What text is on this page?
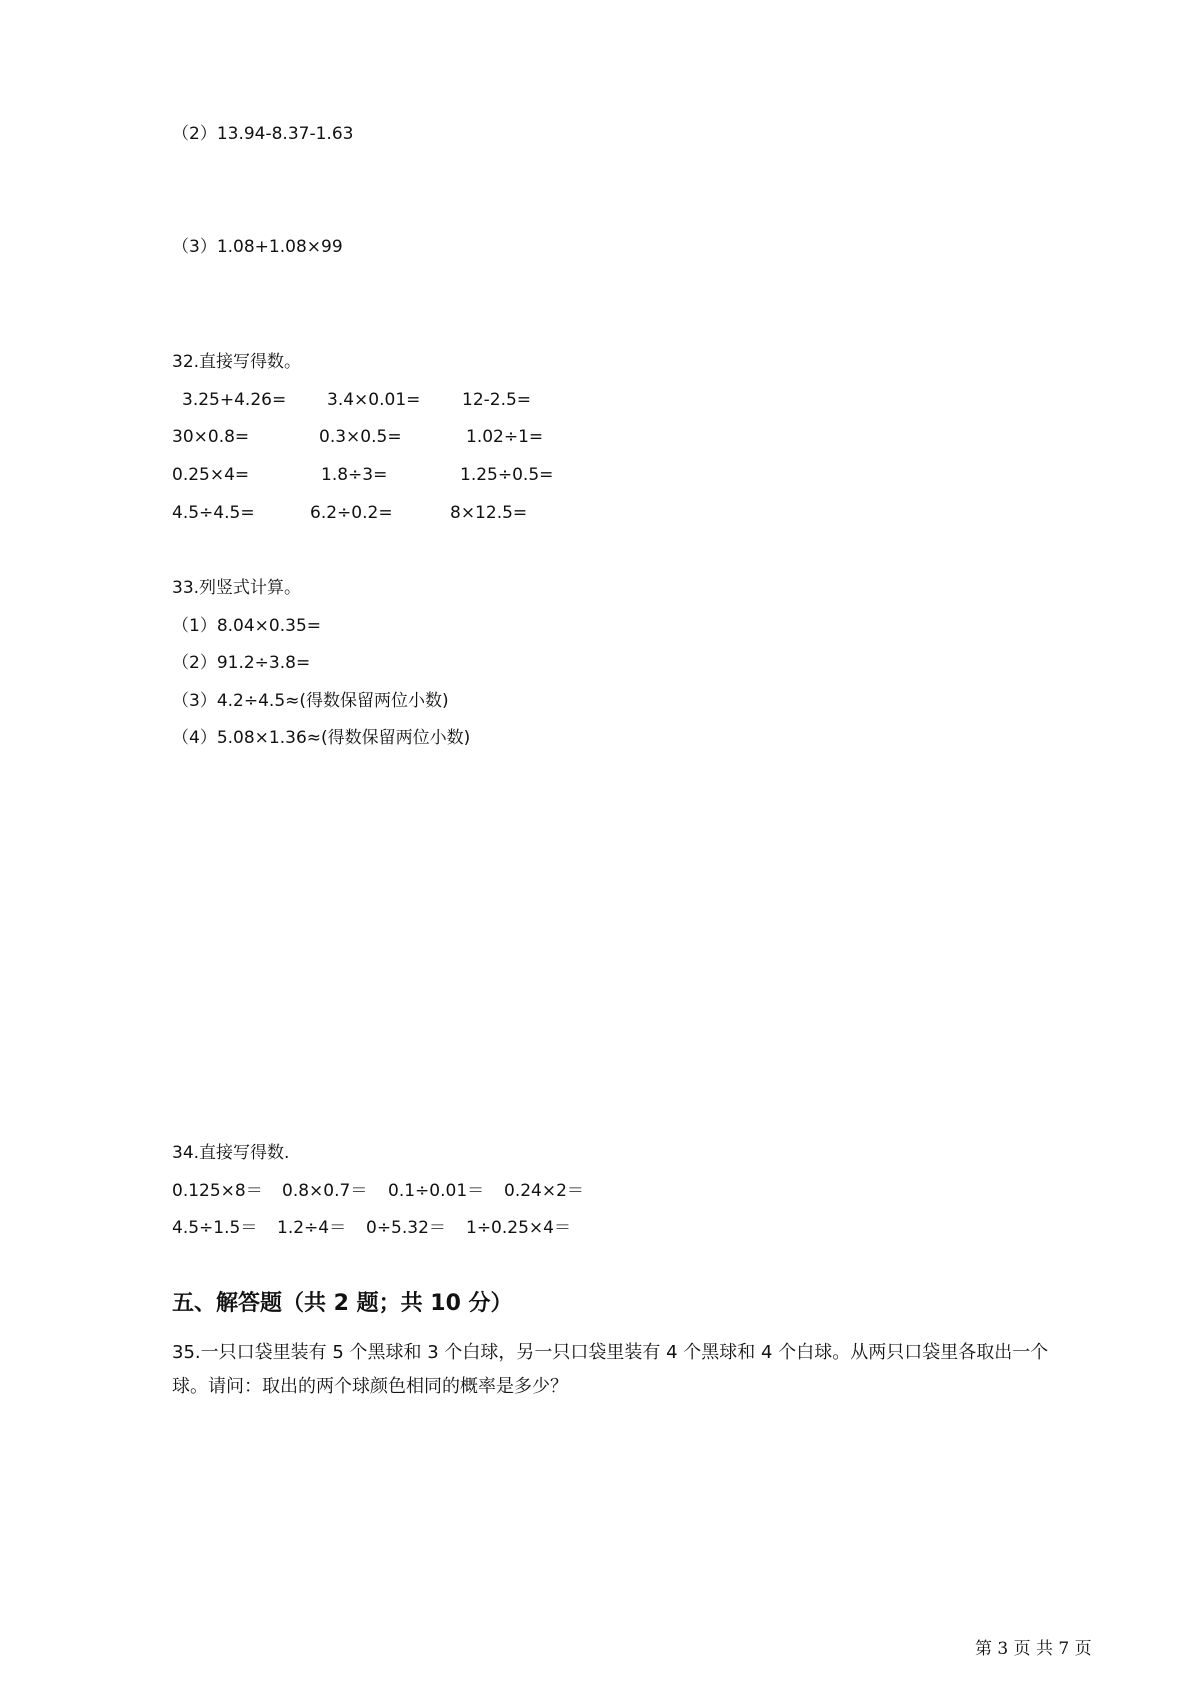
（2）13.94-8.37-1.63
（3）1.08+1.08×99
32.直接写得数。
3.25+4.26= 3.4×0.01= 12-2.5=
30×0.8=	0.3×0.5=	1.02÷1=
0.25×4=	1.8÷3=	1.25÷0.5=
4.5÷4.5=	6.2÷0.2=	8×12.5=
33.列竖式计算。
（1）8.04×0.35=
（2）91.2÷3.8=
（3）4.2÷4.5≈(得数保留两位小数)
（4）5.08×1.36≈(得数保留两位小数)
34.直接写得数.
0.125×8＝ 0.8×0.7＝ 0.1÷0.01＝ 0.24×2＝
4.5÷1.5＝ 1.2÷4＝ 0÷5.32＝ 1÷0.25×4＝
五、解答题（共 2 题；共 10 分）
35.一只口袋里装有 5 个黑球和 3 个白球，另一只口袋里装有 4 个黑球和 4 个白球。从两只口袋里各取出一个球。请问：取出的两个球颜色相同的概率是多少？
第 3 页 共 7 页
